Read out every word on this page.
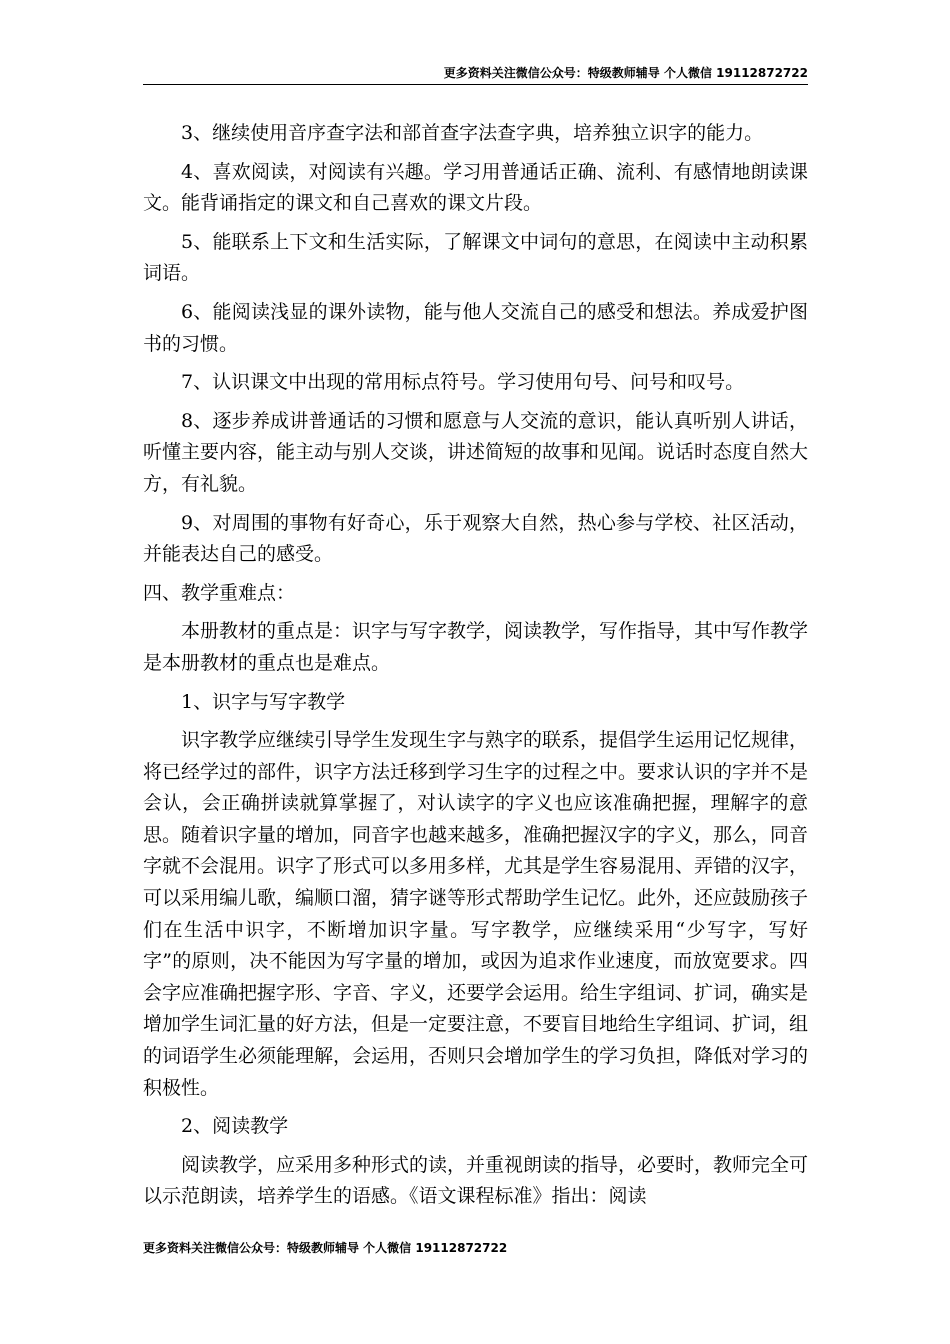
更多资料关注微信公众号：特级教师辅导 个人微信 19112872722

3、继续使用音序查字法和部首查字法查字典，培养独立识字的能力。

4、喜欢阅读，对阅读有兴趣。学习用普通话正确、流利、有感情地朗读课文。能背诵指定的课文和自己喜欢的课文片段。

5、能联系上下文和生活实际，了解课文中词句的意思，在阅读中主动积累词语。

6、能阅读浅显的课外读物，能与他人交流自己的感受和想法。养成爱护图书的习惯。

7、认识课文中出现的常用标点符号。学习使用句号、问号和叹号。

8、逐步养成讲普通话的习惯和愿意与人交流的意识，能认真听别人讲话，听懂主要内容，能主动与别人交谈，讲述简短的故事和见闻。说话时态度自然大方，有礼貌。

9、对周围的事物有好奇心，乐于观察大自然，热心参与学校、社区活动，并能表达自己的感受。

四、教学重难点：

本册教材的重点是：识字与写字教学，阅读教学，写作指导，其中写作教学是本册教材的重点也是难点。

1、识字与写字教学

识字教学应继续引导学生发现生字与熟字的联系，提倡学生运用记忆规律，将已经学过的部件，识字方法迁移到学习生字的过程之中。要求认识的字并不是会认，会正确拼读就算掌握了，对认读字的字义也应该准确把握，理解字的意思。随着识字量的增加，同音字也越来越多，准确把握汉字的字义，那么，同音字就不会混用。识字了形式可以多用多样，尤其是学生容易混用、弄错的汉字，可以采用编儿歌，编顺口溜，猜字谜等形式帮助学生记忆。此外，还应鼓励孩子们在生活中识字，不断增加识字量。写字教学，应继续采用“少写字，写好字”的原则，决不能因为写字量的增加，或因为追求作业速度，而放宽要求。四会字应准确把握字形、字音、字义，还要学会运用。给生字组词、扩词，确实是增加学生词汇量的好方法，但是一定要注意，不要盲目地给生字组词、扩词，组的词语学生必须能理解，会运用，否则只会增加学生的学习负担，降低对学习的积极性。

2、阅读教学

阅读教学，应采用多种形式的读，并重视朗读的指导，必要时，教师完全可以示范朗读，培养学生的语感。《语文课程标准》指出：阅读

更多资料关注微信公众号：特级教师辅导 个人微信 19112872722
